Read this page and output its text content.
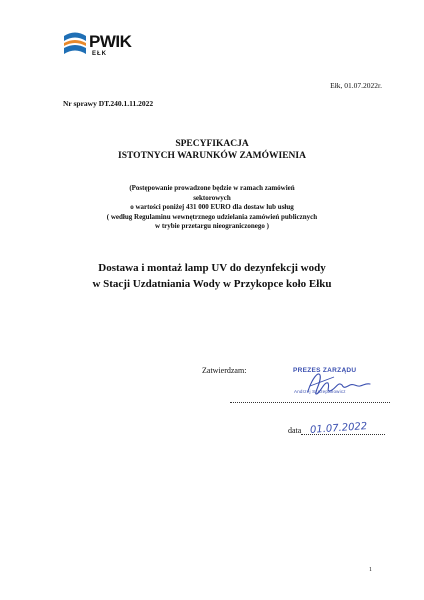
PWIK
EŁK
Ełk, 01.07.2022r.
Nr sprawy DT.240.1.11.2022
SPECYFIKACJA
ISTOTNYCH WARUNKÓW ZAMÓWIENIA
(Postępowanie prowadzone będzie w ramach zamówień
sektorowych
o wartości poniżej 431 000 EURO dla dostaw lub usług
( według Regulaminu wewnętrznego udzielania zamówień publicznych
w trybie przetargu nieograniczonego )
Dostawa i montaż lamp UV do dezynfekcji wody
w Stacji Uzdatniania Wody w Przykopce koło Ełku
Zatwierdzam:	PREZES ZARZĄDU
Andrzej Szczepanowicz
data 01.07.2022
1
